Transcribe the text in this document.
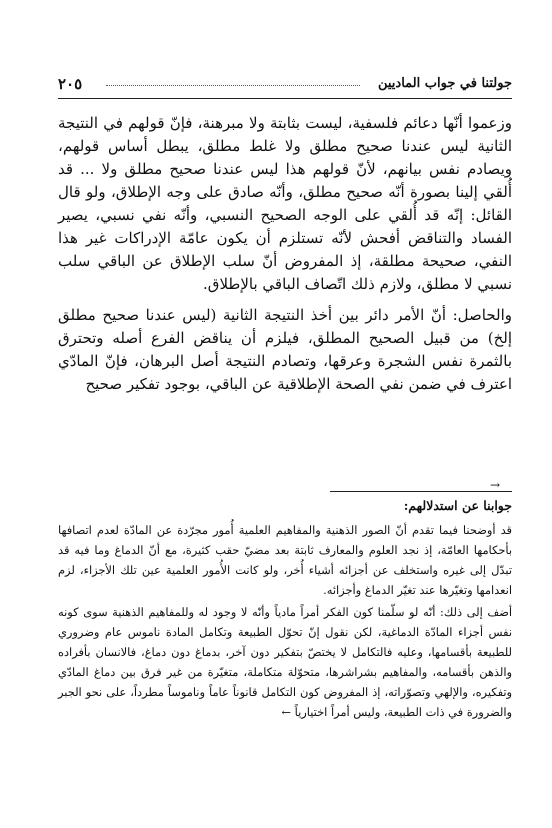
جولتنا في جواب الماديين
٢٠٥

وزعموا أنّها دعائم فلسفية، ليست بثابتة ولا مبرهنة، فإنّ قولهم في النتيجة الثانية ليس عندنا صحيح مطلق ولا غلط مطلق، يبطل أساس قولهم، ويصادم نفس بيانهم، لأنّ قولهم هذا ليس عندنا صحيح مطلق ولا ... قد أُلقي إلينا بصورة أنّه صحيح مطلق، وأنّه صادق على وجه الإطلاق، ولو قال القائل: إنّه قد أُلقي على الوجه الصحيح النسبي، وأنّه نفي نسبي، يصير الفساد والتناقض أفحش لأنّه تستلزم أن يكون عامّة الإدراكات غير هذا النفي، صحيحة مطلقة، إذ المفروض أنّ سلب الإطلاق عن الباقي سلب نسبي لا مطلق، ولازم ذلك اتّصاف الباقي بالإطلاق.

والحاصل: أنّ الأمر دائر بين أخذ النتيجة الثانية (ليس عندنا صحيح مطلق إلخ) من قبيل الصحيح المطلق، فيلزم أن يناقض الفرع أصله وتحترق بالثمرة نفس الشجرة وعرقها، وتصادم النتيجة أصل البرهان، فإنّ المادّي اعترف في ضمن نفي الصحة الإطلاقية عن الباقي، بوجود تفكير صحيح

→
جوابنا عن استدلالهم:

قد أوضحنا فيما تقدم أنّ الصور الذهنية والمفاهيم العلمية أُمور مجرّدة عن المادّة لعدم اتصافها بأحكامها العامّة، إذ نجد العلوم والمعارف ثابتة بعد مضيّ حقب كثيرة، مع أنّ الدماغ وما فيه قد تبدّل إلى غيره واستخلف عن أجزائه أشياء أُخر، ولو كانت الأُمور العلمية عين تلك الأجزاء، لزم انعدامها وتغيّرها عند تغيّر الدماغ وأجزائه.

أضف إلى ذلك: أنّه لو سلّمنا كون الفكر أمراً مادياً وأنّه لا وجود له وللمفاهيم الذهنية سوى كونه نفس أجزاء المادّة الدماغية، لكن نقول إنّ تحوّل الطبيعة وتكامل المادة ناموس عام وضروري للطبيعة بأقسامها، وعليه فالتكامل لا يختصّ بتفكير دون آخر، بدماغ دون دماغ، فالانسان بأفراده والذهن بأقسامه، والمفاهيم بشراشرها، متحوّلة متكاملة، متغيّرة من غير فرق بين دماغ المادّي وتفكيره، والإلهي وتصوّراته، إذ المفروض كون التكامل قانوناً عاماً وناموساً مطرداً، على نحو الجبر والضرورة في ذات الطبيعة، وليس أمراً اختيارياً ←
